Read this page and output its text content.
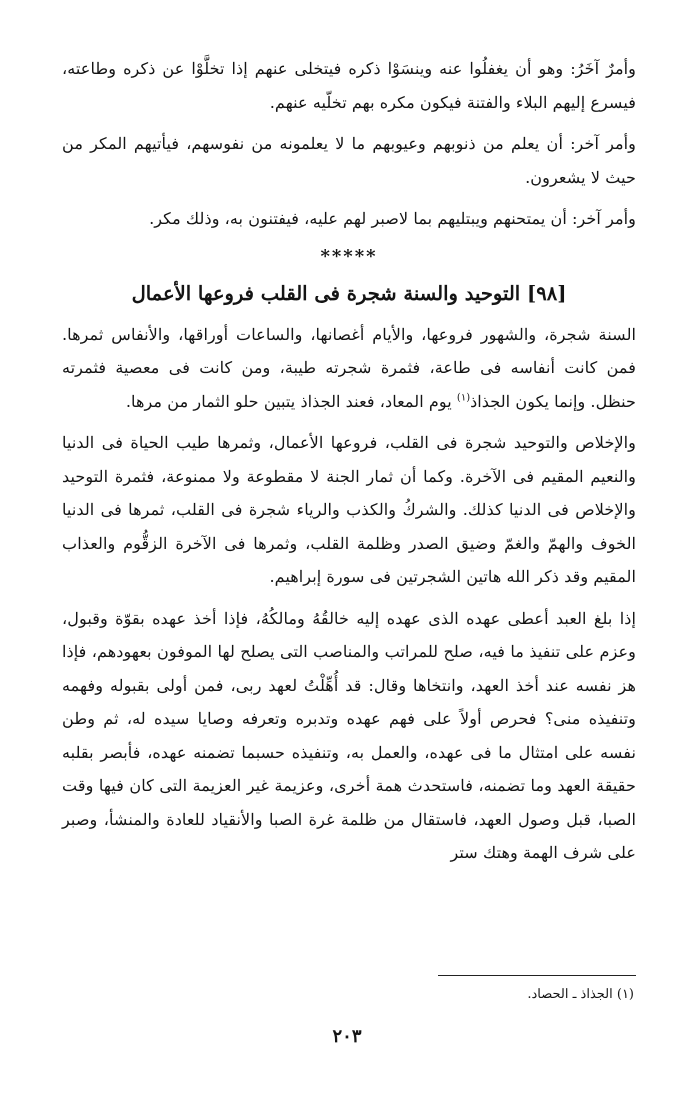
وأمرٌ آخَرُ: وهو أن يغفلُوا عنه وينسَوْا ذكره فيتخلى عنهم إذا تخلَّوْا عن ذكره وطاعته، فيسرع إليهم البلاء والفتنة فيكون مكره بهم تخلّيه عنهم.

وأمر آخر: أن يعلم من ذنوبهم وعيوبهم ما لا يعلمونه من نفوسهم، فيأتيهم المكر من حيث لا يشعرون.

وأمر آخر: أن يمتحنهم ويبتليهم بما لاصبر لهم عليه، فيفتنون به، وذلك مكر.

*****
[٩٨] التوحيد والسنة شجرة فى القلب فروعها الأعمال

السنة شجرة، والشهور فروعها، والأيام أغصانها، والساعات أوراقها، والأنفاس ثمرها. فمن كانت أنفاسه فى طاعة، فثمرة شجرته طيبة، ومن كانت فى معصية فثمرته حنظل. وإنما يكون الجذاذ$^{(١)}$ يوم المعاد، فعند الجذاذ يتبين حلو الثمار من مرها.

والإخلاص والتوحيد شجرة فى القلب، فروعها الأعمال، وثمرها طيب الحياة فى الدنيا والنعيم المقيم فى الآخرة. وكما أن ثمار الجنة لا مقطوعة ولا ممنوعة، فثمرة التوحيد والإخلاص فى الدنيا كذلك. والشركُ والكذب والرياء شجرة فى القلب، ثمرها فى الدنيا الخوف والهمّ والغمّ وضيق الصدر وظلمة القلب، وثمرها فى الآخرة الزقُّوم والعذاب المقيم وقد ذكر الله هاتين الشجرتين فى سورة إبراهيم.

إذا بلغ العبد أعطى عهده الذى عهده إليه خالقُهُ ومالكُهُ، فإذا أخذ عهده بقوّة وقبول، وعزم على تنفيذ ما فيه، صلح للمراتب والمناصب التى يصلح لها الموفون بعهودهم، فإذا هز نفسه عند أخذ العهد، وانتخاها وقال: قد أُهِّلْتُ لعهد ربى، فمن أولى بقبوله وفهمه وتنفيذه منى؟ فحرص أولاً على فهم عهده وتدبره وتعرفه وصايا سيده له، ثم وطن نفسه على امتثال ما فى عهده، والعمل به، وتنفيذه حسبما تضمنه عهده، فأبصر بقلبه حقيقة العهد وما تضمنه، فاستحدث همة أخرى، وعزيمة غير العزيمة التى كان فيها وقت الصبا، قبل وصول العهد، فاستقال من ظلمة غرة الصبا والأنقياد للعادة والمنشأ، وصبر على شرف الهمة وهتك ستر

(١) الجذاذ ـ الحصاد.
٢٠٣
